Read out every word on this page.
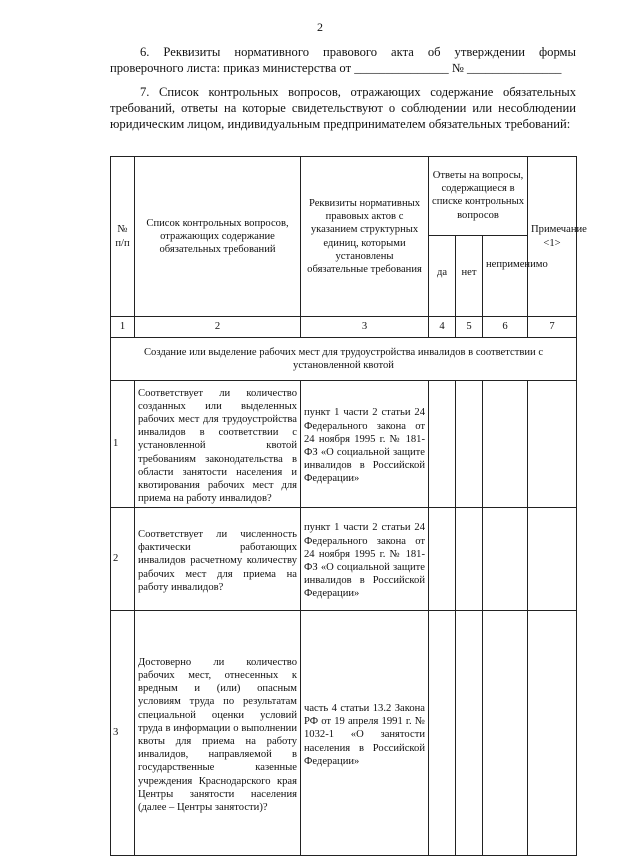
2
6. Реквизиты нормативного правового акта об утверждении формы проверочного листа: приказ министерства от _______________ № _______________
7. Список контрольных вопросов, отражающих содержание обязательных требований, ответы на которые свидетельствуют о соблюдении или несоблюдении юридическим лицом, индивидуальным предпринимателем обязательных требований:
№ п/п	Список контрольных вопросов, отражающих содержание обязательных требований	Реквизиты нормативных правовых актов с указанием структурных единиц, которыми установлены обязательные требования	Ответы на вопросы, содержащиеся в списке контрольных вопросов			Примечание <1>
			да	нет	неприменимо	
1	2	3	4	5	6	7
Создание или выделение рабочих мест для трудоустройства инвалидов в соответствии с установленной квотой						
1	Соответствует ли количество созданных или выделенных рабочих мест для трудоустройства инвалидов в соответствии с установленной квотой требованиям законодательства в области занятости населения и квотирования рабочих мест для приема на работу инвалидов?	пункт 1 части 2 статьи 24 Федерального закона от 24 ноября 1995 г. № 181-ФЗ «О социальной защите инвалидов в Российской Федерации»				
2	Соответствует ли численность фактически работающих инвалидов расчетному количеству рабочих мест для приема на работу инвалидов?	пункт 1 части 2 статьи 24 Федерального закона от 24 ноября 1995 г. № 181-ФЗ «О социальной защите инвалидов в Российской Федерации»				
3	Достоверно ли количество рабочих мест, отнесенных к вредным и (или) опасным условиям труда по результатам специальной оценки условий труда в информации о выполнении квоты для приема на работу инвалидов, направляемой в государственные казенные учреждения Краснодарского края Центры занятости населения (далее – Центры занятости)?	часть 4 статьи 13.2 Закона РФ от 19 апреля 1991 г. № 1032-1 «О занятости населения в Российской Федерации»				
